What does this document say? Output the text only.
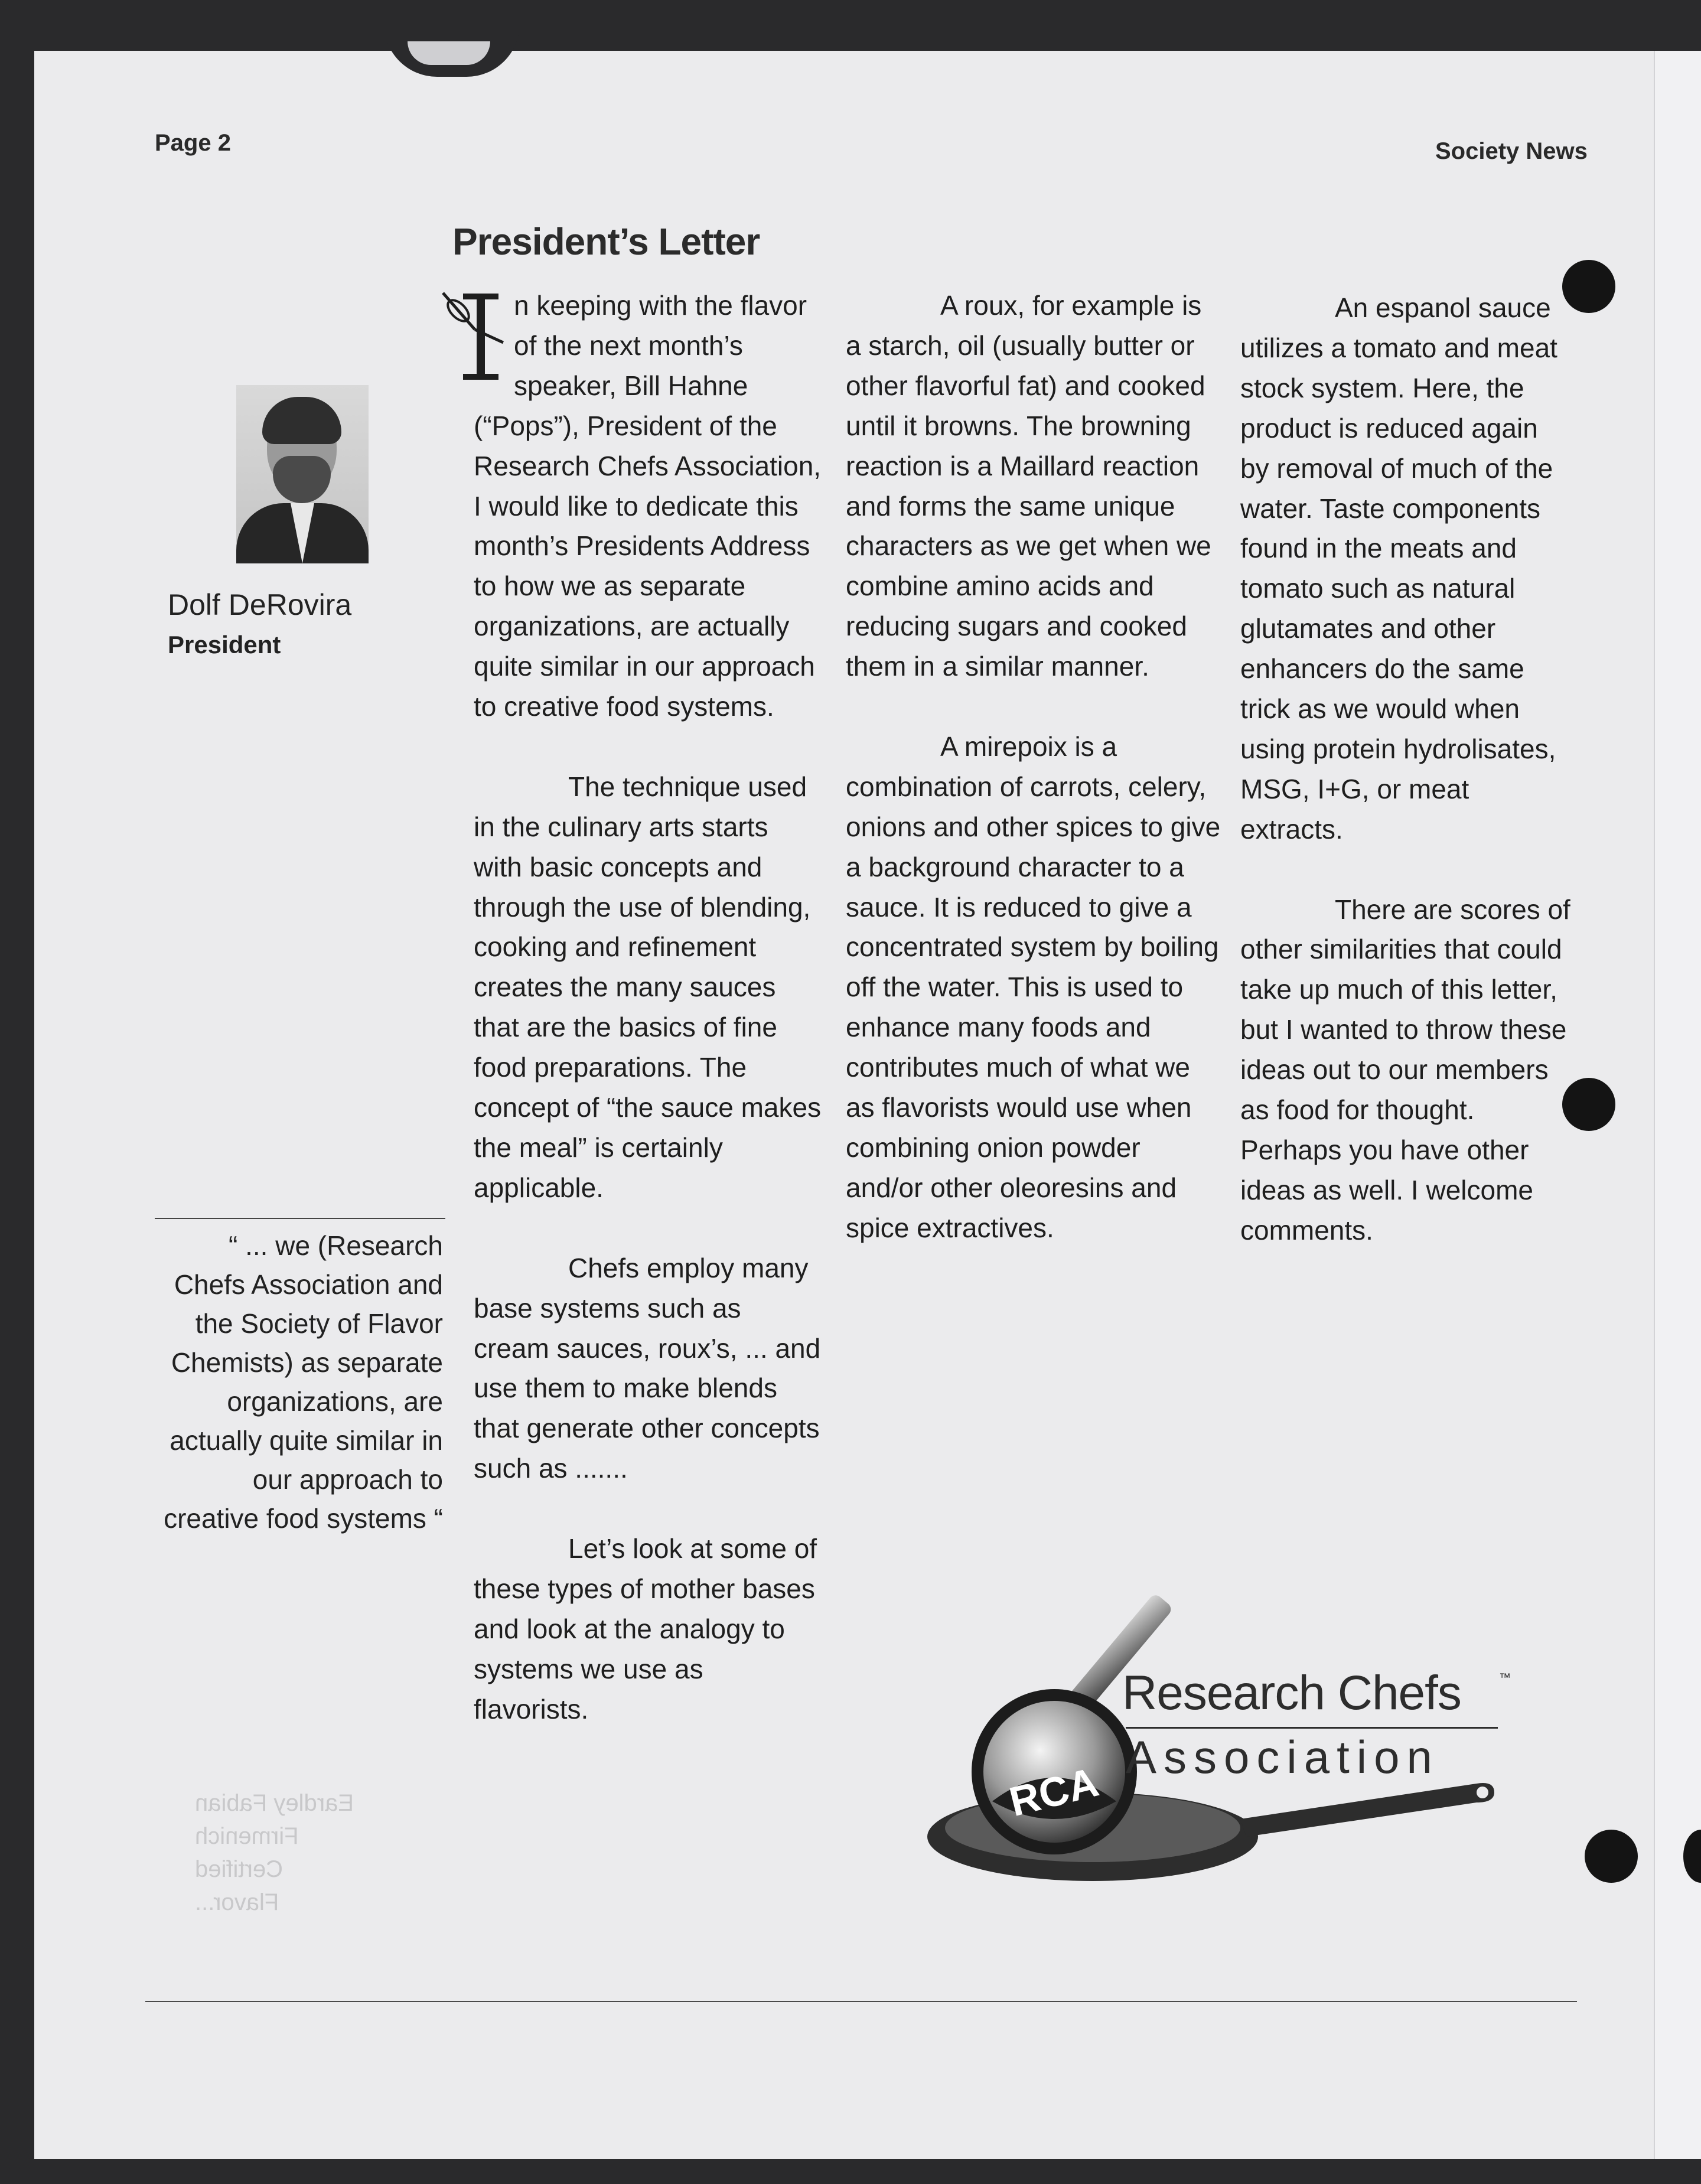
Page 2	Society News
President’s Letter
Dolf DeRovira
President
“ ... we (Research Chefs Association and the Society of Flavor Chemists) as separate organizations, are actually quite similar in our approach to creative food systems “

n keeping with the flavor of the next month’s speaker, Bill Hahne (“Pops”), President of the Research Chefs Association, I would like to dedicate this month’s Presidents Address to how we as separate organizations, are actually quite similar in our approach to creative food systems.

The technique used in the culinary arts starts with basic concepts and through the use of blending, cooking and refinement creates the many sauces that are the basics of fine food preparations. The concept of “the sauce makes the meal” is certainly applicable.

Chefs employ many base systems such as cream sauces, roux’s, ... and use them to make blends that generate other concepts such as .......

Let’s look at some of these types of mother bases and look at the analogy to systems we use as flavorists.

A roux, for example is a starch, oil (usually butter or other flavorful fat) and cooked until it browns. The browning reaction is a Maillard reaction and forms the same unique characters as we get when we combine amino acids and reducing sugars and cooked them in a similar manner.

A mirepoix is a combination of carrots, celery, onions and other spices to give a background character to a sauce. It is reduced to give a concentrated system by boiling off the water. This is used to enhance many foods and contributes much of what we as flavorists would use when combining onion powder and/or other oleoresins and spice extractives.

An espanol sauce utilizes a tomato and meat stock system. Here, the product is reduced again by removal of much of the water. Taste components found in the meats and tomato such as natural glutamates and other enhancers do the same trick as we would when using protein hydrolisates, MSG, I+G, or meat extracts.

There are scores of other similarities that could take up much of this letter, but I wanted to throw these ideas out to our members as food for thought. Perhaps you have other ideas as well. I welcome comments.

Eardley Fabian
Firmenich
Certified
Flavor...
RCA
Research Chefs	™
Association
